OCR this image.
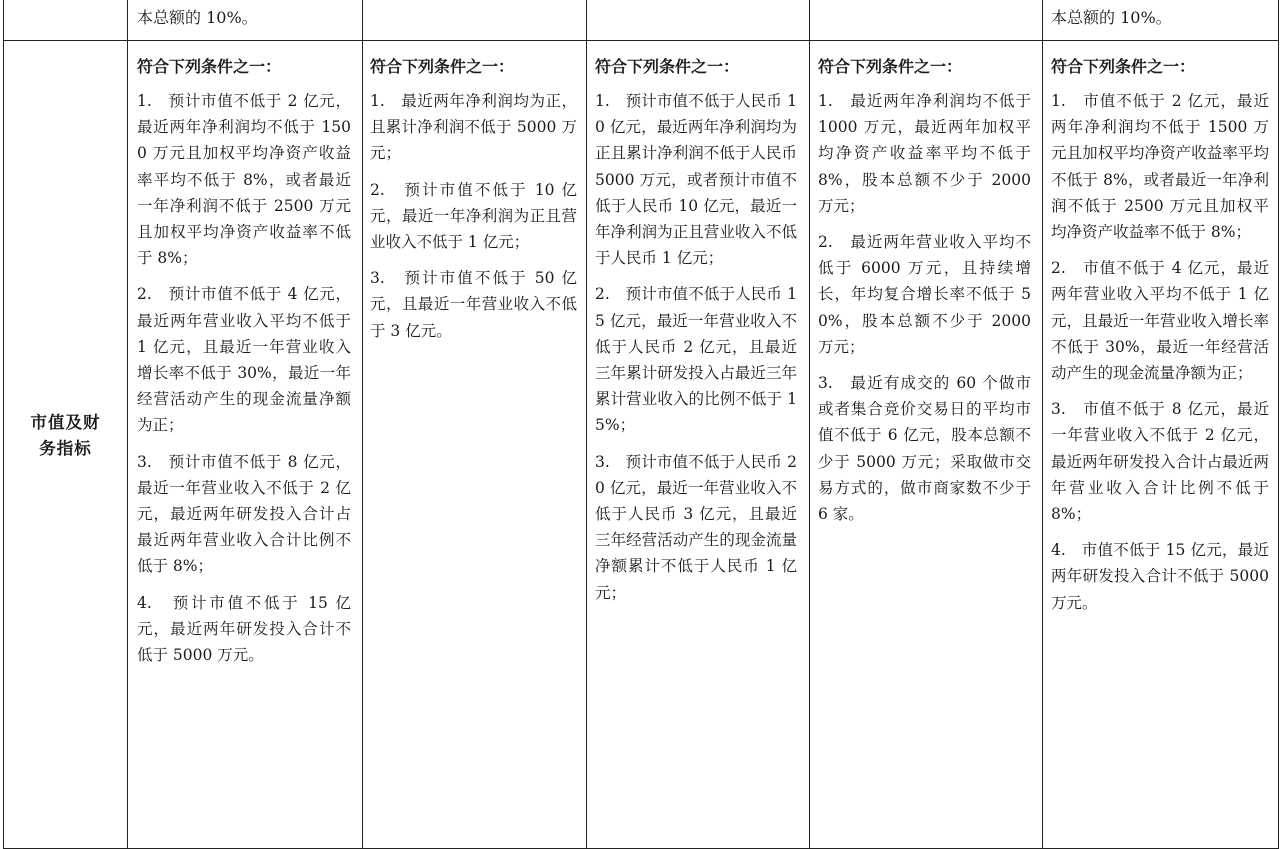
本总额的 10%。	本总额的 10%。
市值及财
务指标
符合下列条件之一：
1.　预计市值不低于 2 亿元，最近两年净利润均不低于 1500 万元且加权平均净资产收益率平均不低于 8%，或者最近一年净利润不低于 2500 万元且加权平均净资产收益率不低于 8%；
2.　预计市值不低于 4 亿元，最近两年营业收入平均不低于 1 亿元，且最近一年营业收入增长率不低于 30%，最近一年经营活动产生的现金流量净额为正；
3.　预计市值不低于 8 亿元，最近一年营业收入不低于 2 亿元，最近两年研发投入合计占最近两年营业收入合计比例不低于 8%；
4.　预计市值不低于 15 亿元，最近两年研发投入合计不低于 5000 万元。
符合下列条件之一：
1.　最近两年净利润均为正，且累计净利润不低于 5000 万元；
2.　预计市值不低于 10 亿元，最近一年净利润为正且营业收入不低于 1 亿元；
3.　预计市值不低于 50 亿元，且最近一年营业收入不低于 3 亿元。
符合下列条件之一：
1.　预计市值不低于人民币 10 亿元，最近两年净利润均为正且累计净利润不低于人民币 5000 万元，或者预计市值不低于人民币 10 亿元，最近一年净利润为正且营业收入不低于人民币 1 亿元；
2.　预计市值不低于人民币 15 亿元，最近一年营业收入不低于人民币 2 亿元，且最近三年累计研发投入占最近三年累计营业收入的比例不低于 15%；
3.　预计市值不低于人民币 20 亿元，最近一年营业收入不低于人民币 3 亿元，且最近三年经营活动产生的现金流量净额累计不低于人民币 1 亿元；
符合下列条件之一：
1.　最近两年净利润均不低于 1000 万元，最近两年加权平均净资产收益率平均不低于 8%，股本总额不少于 2000 万元；
2.　最近两年营业收入平均不低于 6000 万元，且持续增长，年均复合增长率不低于 50%，股本总额不少于 2000 万元；
3.　最近有成交的 60 个做市或者集合竞价交易日的平均市值不低于 6 亿元，股本总额不少于 5000 万元；采取做市交易方式的，做市商家数不少于 6 家。
符合下列条件之一：
1.　市值不低于 2 亿元，最近两年净利润均不低于 1500 万元且加权平均净资产收益率平均不低于 8%，或者最近一年净利润不低于 2500 万元且加权平均净资产收益率不低于 8%；
2.　市值不低于 4 亿元，最近两年营业收入平均不低于 1 亿元，且最近一年营业收入增长率不低于 30%，最近一年经营活动产生的现金流量净额为正；
3.　市值不低于 8 亿元，最近一年营业收入不低于 2 亿元，最近两年研发投入合计占最近两年营业收入合计比例不低于 8%；
4.　市值不低于 15 亿元，最近两年研发投入合计不低于 5000 万元。
